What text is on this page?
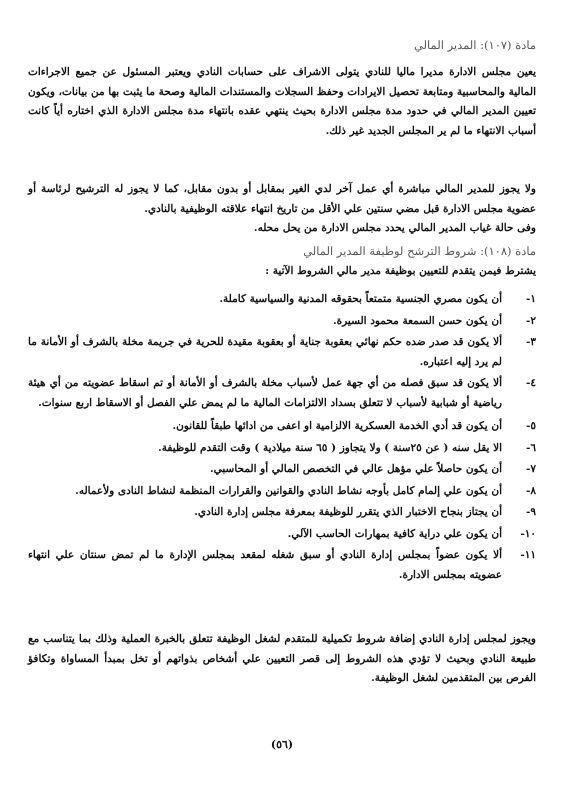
مادة (١٠٧): المدير المالي

يعين مجلس الادارة مديرا ماليا للنادي يتولى الاشراف على حسابات النادي ويعتبر المسئول عن جميع الاجراءات المالية والمحاسبية ومتابعة تحصيل الايرادات وحفظ السجلات والمستندات المالية وصحة ما يثبت بها من بيانات، ويكون تعيين المدير المالي في حدود مدة مجلس الادارة بحيث ينتهي عقده بانتهاء مدة مجلس الادارة الذي اختاره أياً كانت أسباب الانتهاء ما لم ير المجلس الجديد غير ذلك.

ولا يجوز للمدير المالي مباشرة أي عمل آخر لدي الغير بمقابل أو بدون مقابل، كما لا يجوز له الترشيح لرئاسة أو عضوية مجلس الادارة قبل مضي سنتين علي الأقل من تاريخ انتهاء علاقته الوظيفية بالنادي.

وفى حالة غياب المدير المالي يحدد مجلس الادارة من يحل محله.

مادة (١٠٨): شروط الترشح لوظيفة المدير المالي
يشترط فيمن يتقدم للتعيين بوظيفة مدير مالي الشروط الآتية :
١-
أن يكون مصري الجنسية متمتعاً بحقوقه المدنية والسياسية كاملة.
٢-
أن يكون حسن السمعة محمود السيرة.
٣-
ألا يكون قد صدر ضده حكم نهائي بعقوبة جناية أو بعقوبة مقيدة للحرية في جريمة مخلة بالشرف أو الأمانة ما لم يرد إليه اعتباره.
٤-
ألا يكون قد سبق فصله من أي جهة عمل لأسباب مخلة بالشرف أو الأمانة أو تم اسقاط عضويته من أي هيئة رياضية أو شبابية لأسباب لا تتعلق بسداد الالتزامات المالية ما لم يمض علي الفصل أو الاسقاط اربع سنوات.
٥-
أن يكون قد أدي الخدمة العسكرية الالزامية او اعفى من ادائها طبقاً للقانون.
٦-
الا يقل سنه ( عن ٢٥سنة ) ولا يتجاوز ( ٦٥ سنة ميلادية ) وقت التقدم للوظيفة.
٧-
أن يكون حاصلاً علي مؤهل عالي في التخصص المالي أو المحاسبي.
٨-
أن يكون علي إلمام كامل بأوجه نشاط النادي والقوانين والقرارات المنظمة لنشاط النادى ولأعماله.
٩-
أن يجتاز بنجاح الاختبار الذي يتقرر للوظيفة بمعرفة مجلس إدارة النادي.
١٠-
أن يكون علي دراية كافية بمهارات الحاسب الآلي.
١١-
ألا يكون عضواً بمجلس إدارة النادي أو سبق شغله لمقعد بمجلس الإدارة ما لم تمض سنتان علي انتهاء عضويته بمجلس الادارة.

ويجوز لمجلس إدارة النادي إضافة شروط تكميلية للمتقدم لشغل الوظيفة تتعلق بالخبرة العملية وذلك بما يتناسب مع طبيعة النادي وبحيث لا تؤدي هذه الشروط إلى قصر التعيين علي أشخاص بذواتهم أو تخل بمبدأ المساواة وتكافؤ الفرص بين المتقدمين لشغل الوظيفة.

(٥٦)
